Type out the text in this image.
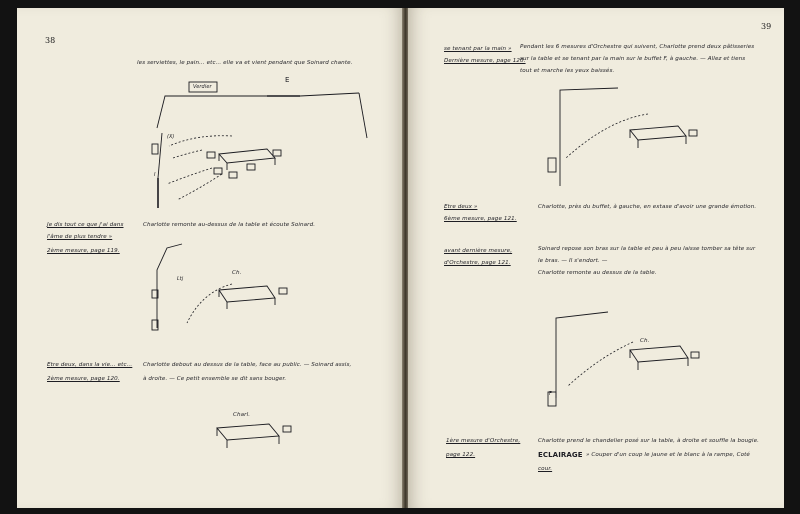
38
les serviettes, le pain... etc... elle va et vient pendant que Soinard chante.
(X)
I
Ltj
E
Verdier
Ch.
Charl.
Je dis tout ce que j'ai dans
l'âme de plus tendre »
2ème mesure, page 119.
Charlotte remonte au-dessus de la table et écoute Soinard.
Etre deux, dans la vie... etc...
2ème mesure, page 120.
Charlotte debout au dessus de la table, face au public. — Soinard assis,
à droite. — Ce petit ensemble se dit sans bouger.
39
Ch.
F
se tenant par la main »
Dernière mesure, page 120.
Pendant les 6 mesures d'Orchestre qui suivent, Charlotte prend deux pâtisseries
sur la table et se tenant par la main sur le buffet F, à gauche. — Allez et tiens
tout et marche les yeux baissés.
Etre deux »
6ème mesure, page 121.
Charlotte, près du buffet, à gauche, en extase d'avoir une grande émotion.
avant dernière mesure,
d'Orchestre, page 121.
Soinard repose son bras sur la table et peu à peu laisse tomber sa tête sur
le bras. — Il s'endort. —
Charlotte remonte au dessus de la table.
1ère mesure d'Orchestre,
page 122.
Charlotte prend le chandelier posé sur la table, à droite et souffle la bougie.
ECLAIRAGE » Couper d'un coup le jaune et le blanc à la rampe, Coté
cour.
